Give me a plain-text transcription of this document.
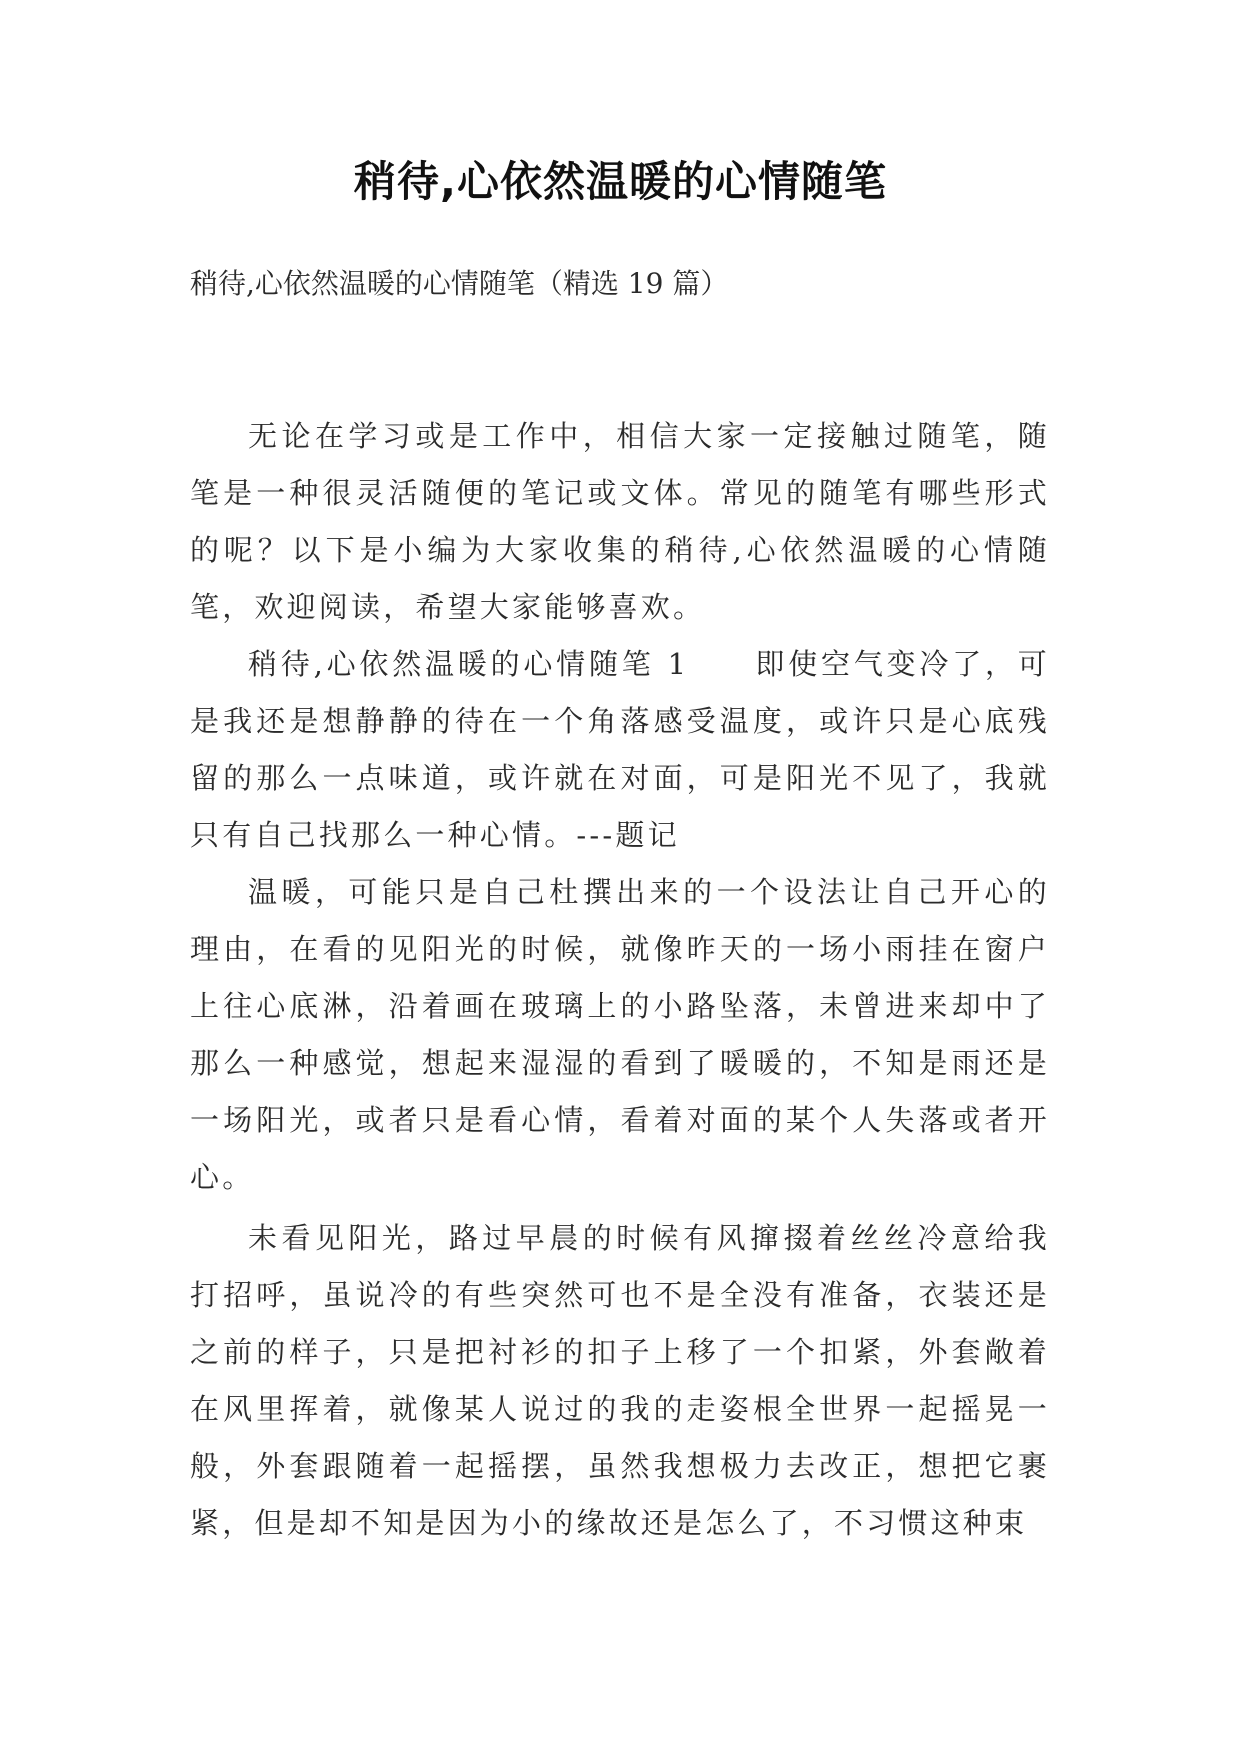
稍待,心依然温暖的心情随笔

稍待,心依然温暖的心情随笔（精选 19 篇）

无论在学习或是工作中，相信大家一定接触过随笔，随笔是一种很灵活随便的笔记或文体。常见的随笔有哪些形式的呢？以下是小编为大家收集的稍待,心依然温暖的心情随笔，欢迎阅读，希望大家能够喜欢。

稍待,心依然温暖的心情随笔 1　　即使空气变冷了，可是我还是想静静的待在一个角落感受温度，或许只是心底残留的那么一点味道，或许就在对面，可是阳光不见了，我就只有自己找那么一种心情。---题记

温暖，可能只是自己杜撰出来的一个设法让自己开心的理由，在看的见阳光的时候，就像昨天的一场小雨挂在窗户上往心底淋，沿着画在玻璃上的小路坠落，未曾进来却中了那么一种感觉，想起来湿湿的看到了暖暖的，不知是雨还是一场阳光，或者只是看心情，看着对面的某个人失落或者开心。

未看见阳光，路过早晨的时候有风撺掇着丝丝冷意给我打招呼，虽说冷的有些突然可也不是全没有准备，衣装还是之前的样子，只是把衬衫的扣子上移了一个扣紧，外套敞着在风里挥着，就像某人说过的我的走姿根全世界一起摇晃一般，外套跟随着一起摇摆，虽然我想极力去改正，想把它裹紧，但是却不知是因为小的缘故还是怎么了，不习惯这种束
